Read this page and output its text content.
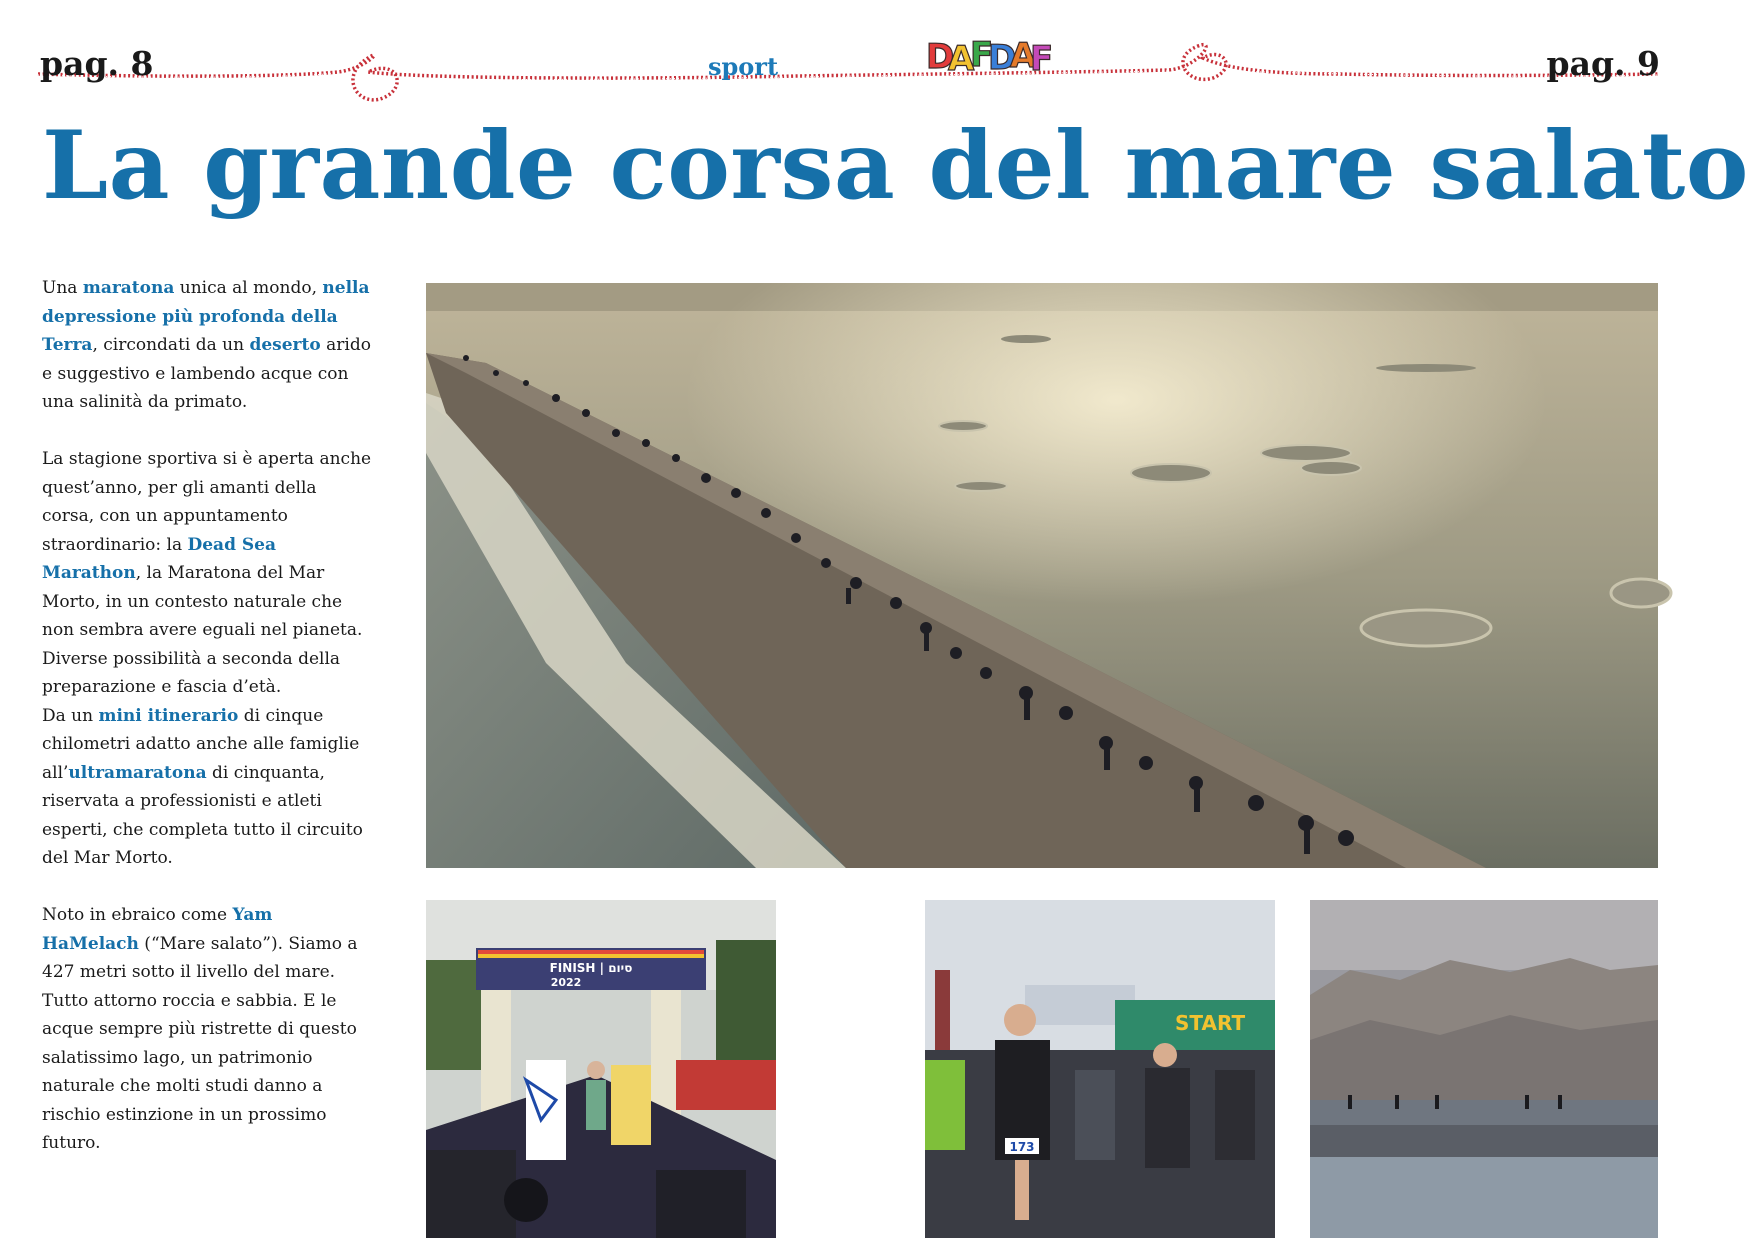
pag. 8	sport	D
A
F
D
A
F	pag. 9
La grande corsa del mare salato

Una maratona unica al mondo, nella depressione più profonda della Terra, circondati da un deserto arido e suggestivo e lambendo acque con una salinità da primato.

La stagione sportiva si è aperta anche quest’anno, per gli amanti della corsa, con un appuntamento straordinario: la Dead Sea Marathon, la Maratona del Mar Morto, in un contesto naturale che non sembra avere eguali nel pianeta. Diverse possibilità a seconda della preparazione e fascia d’età.

Da un mini itinerario di cinque chilometri adatto anche alle famiglie all’ultramaratona di cinquanta, riservata a professionisti e atleti esperti, che completa tutto il circuito del Mar Morto.

Noto in ebraico come Yam HaMelach (“Mare salato”). Siamo a 427 metri sotto il livello del mare. Tutto attorno roccia e sabbia. E le acque sempre più ristrette di questo salatissimo lago, un patrimonio naturale che molti studi danno a rischio estinzione in un prossimo futuro.

FINISH | סיום
2022
START
173
